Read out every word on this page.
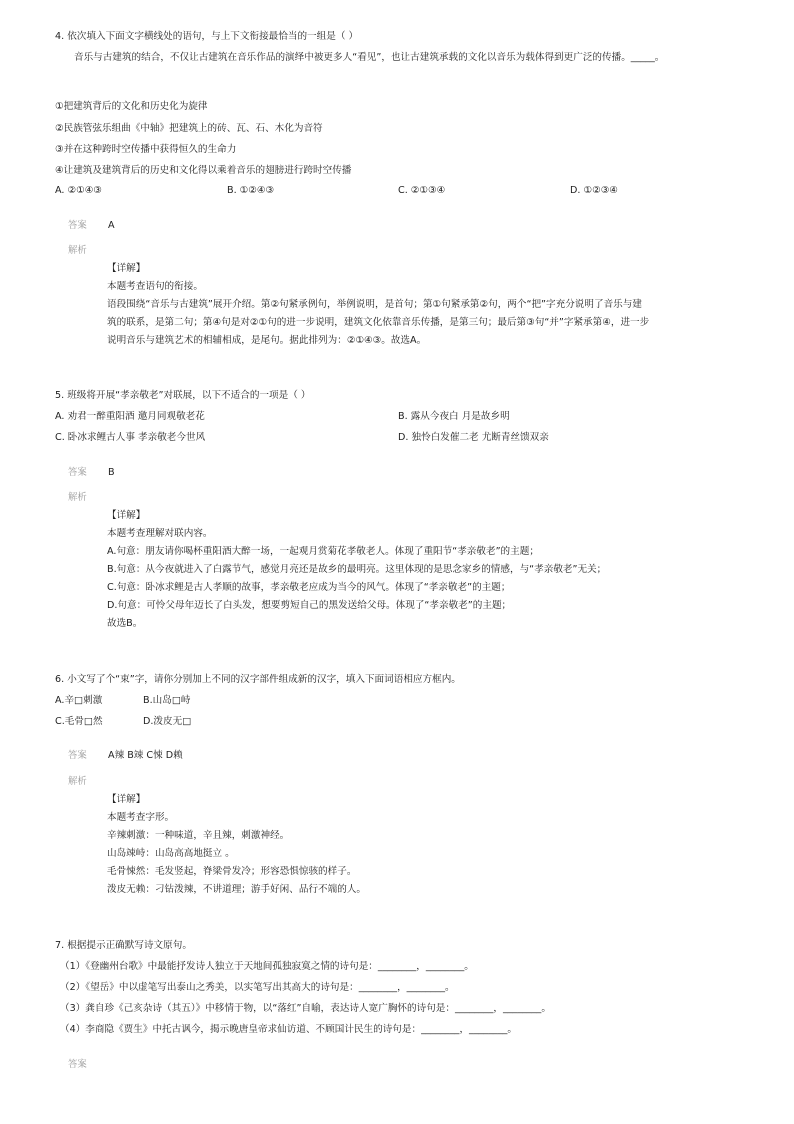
4. 依次填入下面文字横线处的语句，与上下文衔接最恰当的一组是（ ）
音乐与古建筑的结合，不仅让古建筑在音乐作品的演绎中被更多人“看见”，也让古建筑承载的文化以音乐为载体得到更广泛的传播。_____。
①把建筑背后的文化和历史化为旋律
②民族管弦乐组曲《中轴》把建筑上的砖、瓦、石、木化为音符
③并在这种跨时空传播中获得恒久的生命力
④让建筑及建筑背后的历史和文化得以乘着音乐的翅膀进行跨时空传播
A. ②①④③	B. ①②④③	C. ②①③④	D. ①②③④
答案 A
解析
【详解】
本题考查语句的衔接。
语段围绕“音乐与古建筑”展开介绍。第②句紧承例句，举例说明，是首句；第①句紧承第②句，两个“把”字充分说明了音乐与建
筑的联系，是第二句；第④句是对②①句的进一步说明，建筑文化依靠音乐传播，是第三句；最后第③句“并”字紧承第④，进一步
说明音乐与建筑艺术的相辅相成，是尾句。据此排列为：②①④③。故选A。
5. 班级将开展“孝亲敬老”对联展，以下不适合的一项是（ ）
A. 劝君一醉重阳酒 邀月同观敬老花	B. 露从今夜白 月是故乡明
C. 卧冰求鲤古人事 孝亲敬老今世风	D. 独怜白发催二老 尤断青丝馈双亲
答案 B
解析
【详解】
本题考查理解对联内容。
A.句意：朋友请你喝杯重阳酒大醉一场，一起观月赏菊花孝敬老人。体现了重阳节“孝亲敬老”的主题；
B.句意：从今夜就进入了白露节气，感觉月亮还是故乡的最明亮。这里体现的是思念家乡的情感，与“孝亲敬老”无关；
C.句意：卧冰求鲤是古人孝顺的故事，孝亲敬老应成为当今的风气。体现了“孝亲敬老”的主题；
D.句意：可怜父母年迈长了白头发，想要剪短自己的黑发送给父母。体现了“孝亲敬老”的主题；
故选B。
6. 小文写了个“束”字，请你分别加上不同的汉字部件组成新的汉字，填入下面词语相应方框内。
A.辛□刺激	B.山岛□峙
C.毛骨□然	D.泼皮无□
答案 A辣 B竦 C悚 D赖
解析
【详解】
本题考查字形。
辛辣刺激：一种味道，辛且辣，刺激神经。
山岛竦峙：山岛高高地挺立 。
毛骨悚然：毛发竖起，脊梁骨发冷；形容恐惧惊骇的样子。
泼皮无赖：刁钻泼辣，不讲道理；游手好闲、品行不端的人。
7. 根据提示正确默写诗文原句。
（1）《登幽州台歌》中最能抒发诗人独立于天地间孤独寂寞之情的诗句是：________，________。
（2）《望岳》中以虚笔写出泰山之秀美，以实笔写出其高大的诗句是：________，________。
（3）龚自珍《己亥杂诗（其五）》中移情于物，以“落红”自喻，表达诗人宽广胸怀的诗句是：________，________。
（4）李商隐《贾生》中托古讽今，揭示晚唐皇帝求仙访道、不顾国计民生的诗句是：________，________。
答案
